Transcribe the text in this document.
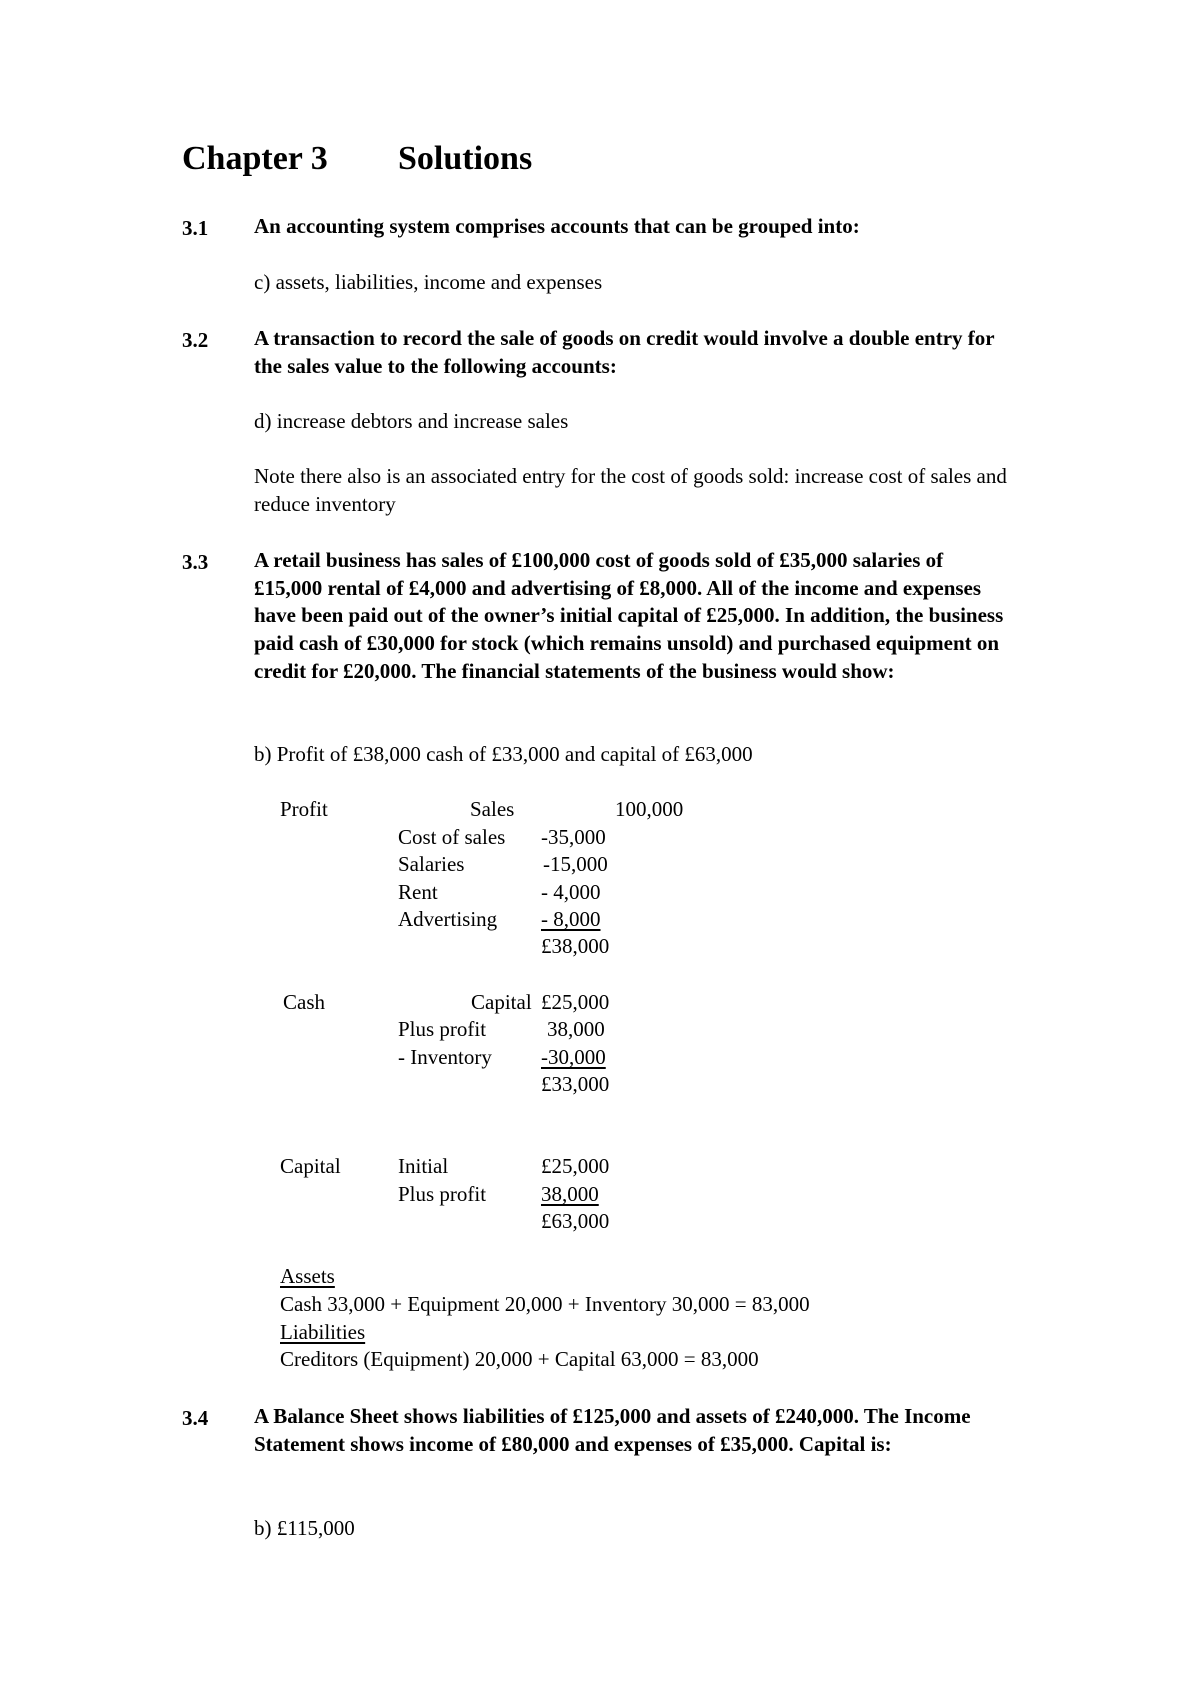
Chapter 3 Solutions
3.1 An accounting system comprises accounts that can be grouped into:
c) assets, liabilities, income and expenses
3.2 A transaction to record the sale of goods on credit would involve a double entry for the sales value to the following accounts:
d) increase debtors and increase sales
Note there also is an associated entry for the cost of goods sold: increase cost of sales and reduce inventory
3.3 A retail business has sales of £100,000 cost of goods sold of £35,000 salaries of £15,000 rental of £4,000 and advertising of £8,000. All of the income and expenses have been paid out of the owner’s initial capital of £25,000. In addition, the business paid cash of £30,000 for stock (which remains unsold) and purchased equipment on credit for £20,000. The financial statements of the business would show:
b) Profit of £38,000 cash of £33,000 and capital of £63,000
Profit	Sales	100,000
Cost of sales -35,000
Salaries	-15,000
Rent	- 4,000
Advertising - 8,000
£38,000
Cash	Capital £25,000
Plus profit	38,000
- Inventory -30,000
£33,000
Capital	Initial	£25,000
Plus profit	38,000
£63,000
Assets
Cash 33,000 + Equipment 20,000 + Inventory 30,000 = 83,000
Liabilities
Creditors (Equipment) 20,000 + Capital 63,000 = 83,000
3.4 A Balance Sheet shows liabilities of £125,000 and assets of £240,000. The Income Statement shows income of £80,000 and expenses of £35,000. Capital is:
b) £115,000
